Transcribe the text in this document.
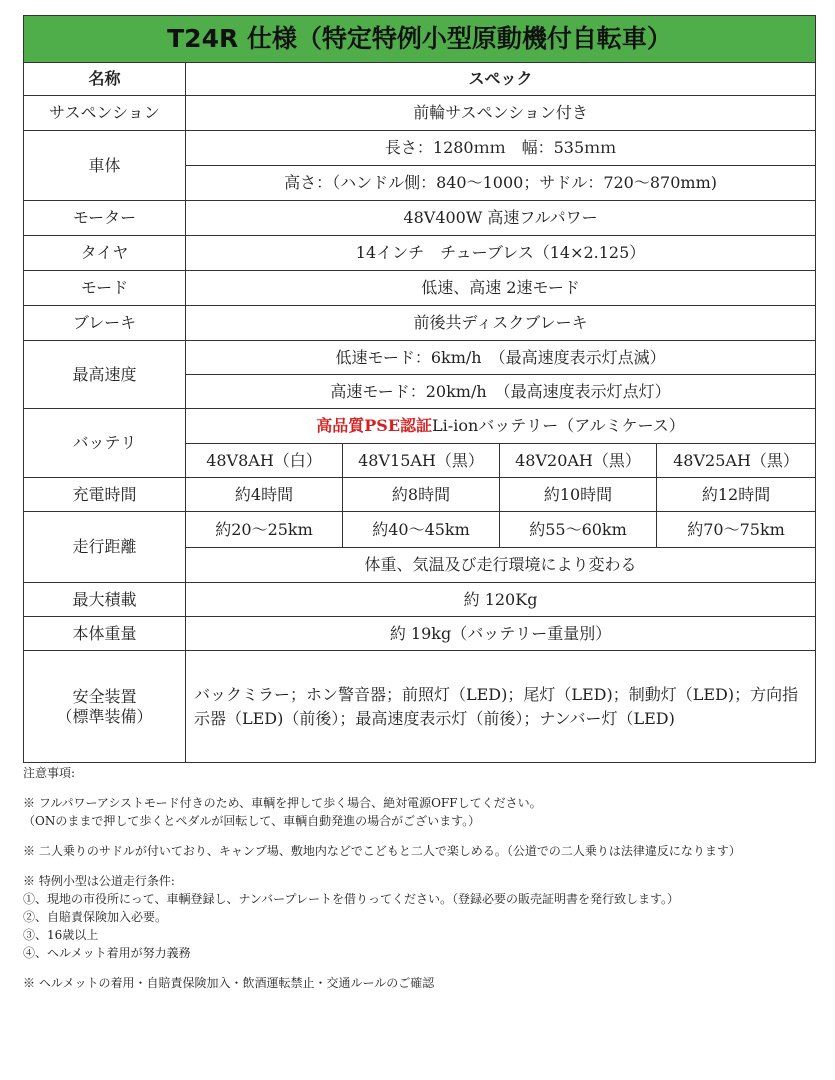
T24R 仕様（特定特例小型原動機付自転車）				
名称	スペック			
サスペンション	前輪サスペンション付き			
車体	長さ：1280ｍｍ　幅：535ｍｍ			
	高さ：（ハンドル側：840～1000；サドル：720～870mm)			
モーター	48V400W 高速フルパワー			
タイヤ	14インチ　チューブレス（14×2.125）			
モード	低速、高速 2速モード			
ブレーキ	前後共ディスクブレーキ			
最高速度	低速モード：6km/h　（最高速度表示灯点滅）			
	高速モード：20km/h　（最高速度表示灯点灯）			
バッテリ	高品質PSE認証Li-ionバッテリー（アルミケース）			
	48V8AH（白）	48V15AH（黒）	48V20AH（黒）	48V25AH（黒）
充電時間	約4時間	約8時間	約10時間	約12時間
走行距離	約20～25km	約40～45km	約55～60km	約70～75km
	体重、気温及び走行環境により変わる			
最大積載	約 120Kg			
本体重量	約 19kg（バッテリー重量別）			
安全装置
（標準装備）	バックミラー；ホン警音器；前照灯（LED)；尾灯（LED)；制動灯（LED)；方向指示器（LED)（前後）；最高速度表示灯（前後）；ナンバー灯（LED)			

注意事項:

※ フルパワーアシストモード付きのため、車輌を押して歩く場合、絶対電源OFFしてください。

（ONのままで押して歩くとペダルが回転して、車輌自動発進の場合がございます。）

※ 二人乗りのサドルが付いており、キャンプ場、敷地内などでこどもと二人で楽しめる。（公道での二人乗りは法律違反になります）

※ 特例小型は公道走行条件:

①、現地の市役所にって、車輌登録し、ナンバープレートを借りってください。（登録必要の販売証明書を発行致します。）

②、自賠責保険加入必要。

③、16歳以上

④、ヘルメット着用が努力義務

※ ヘルメットの着用・自賠責保険加入・飲酒運転禁止・交通ルールのご確認
